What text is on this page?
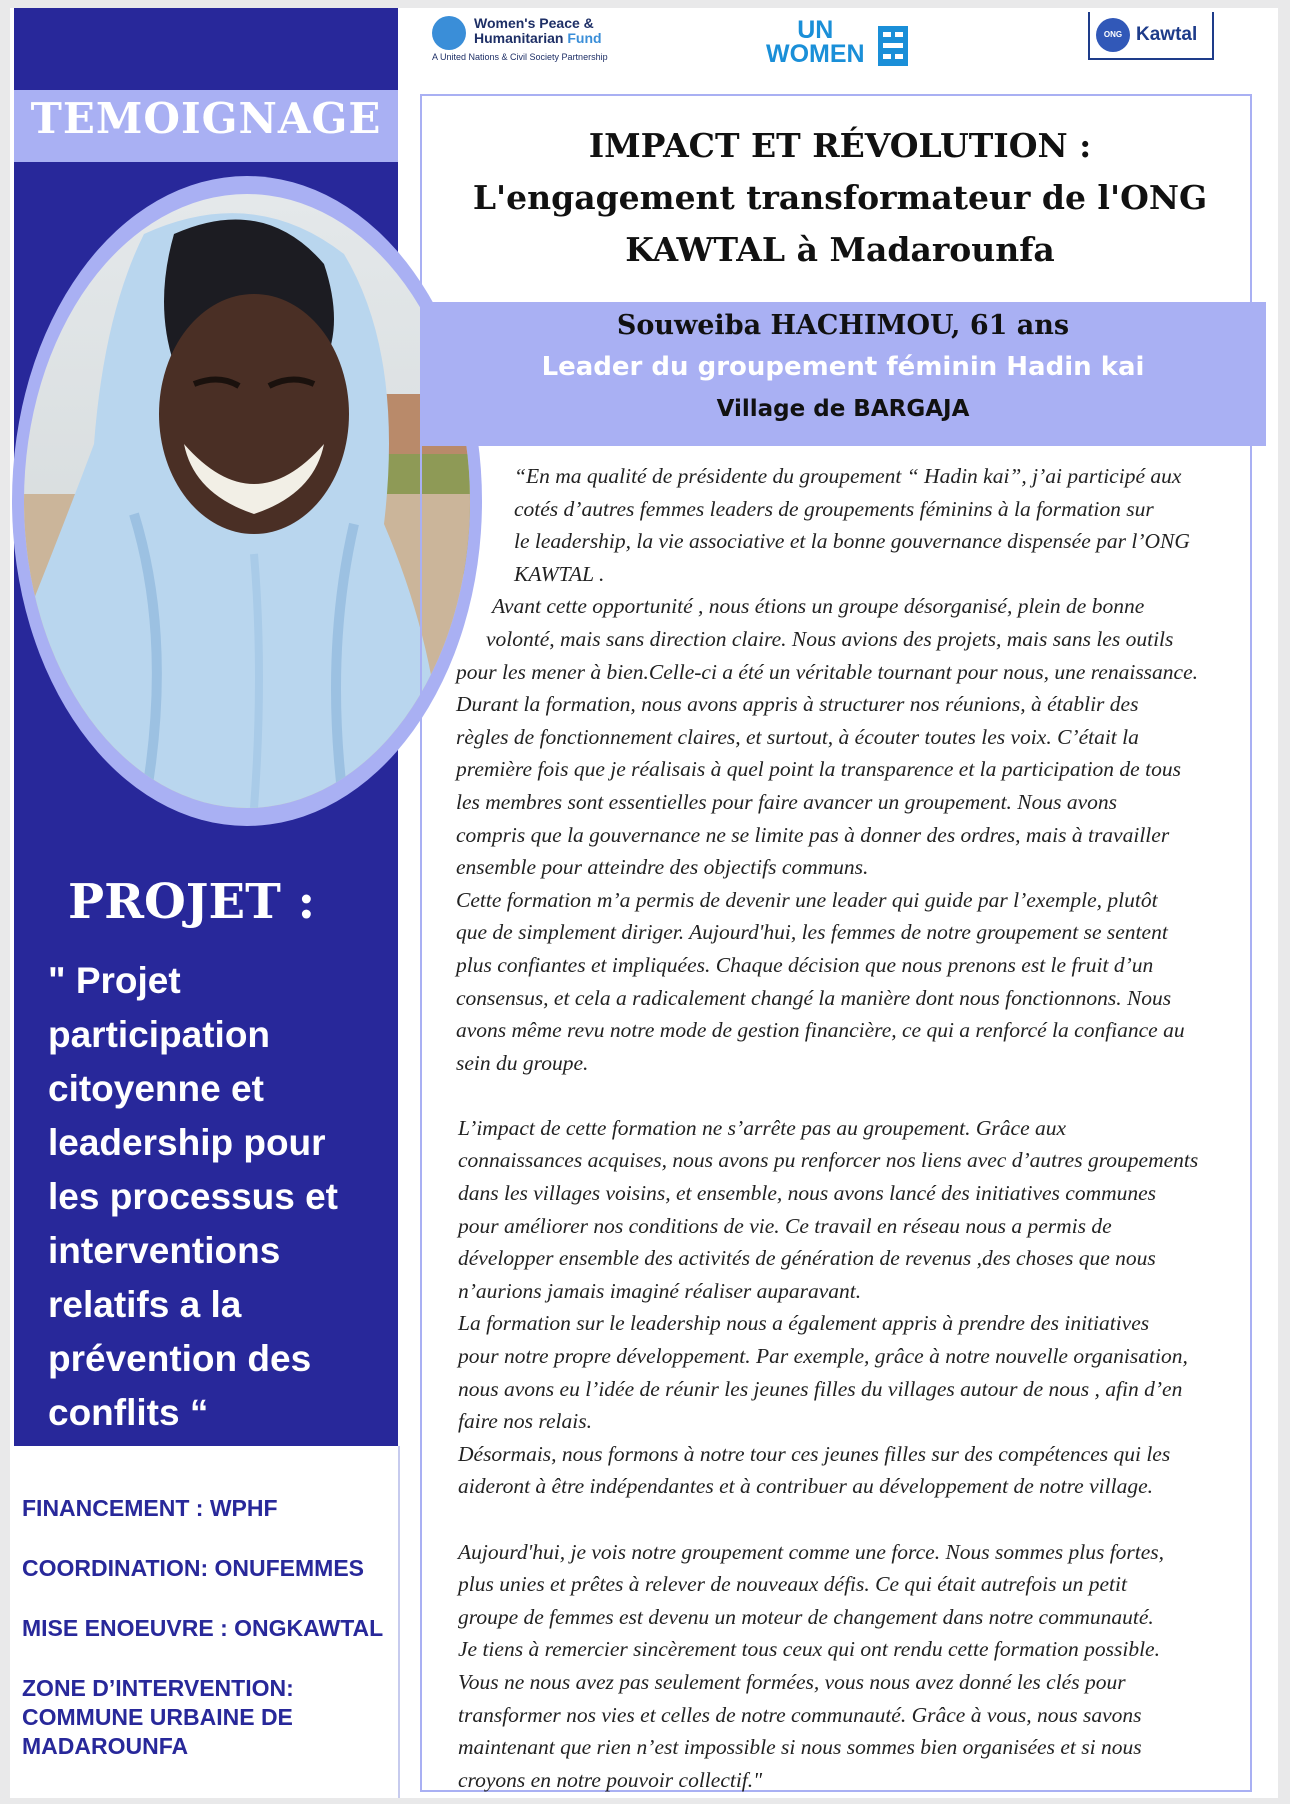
TEMOIGNAGE
PROJET :
" Projet
participation
citoyenne et
leadership pour
les processus et
interventions
relatifs a la
prévention des
conflits “
FINANCEMENT : WPHF
COORDINATION: ONUFEMMES
MISE ENOEUVRE : ONGKAWTAL
ZONE D’INTERVENTION:
COMMUNE URBAINE DE
MADAROUNFA
Women's Peace &
Humanitarian Fund
A United Nations & Civil Society Partnership
UN
WOMEN
ONG Kawtal
IMPACT ET RÉVOLUTION :
L'engagement transformateur de l'ONG
KAWTAL à Madarounfa
Souweiba HACHIMOU, 61 ans
Leader du groupement féminin Hadin kai
Village de BARGAJA

“En ma qualité de présidente du groupement “ Hadin kai”, j’ai participé aux

cotés d’autres femmes leaders de groupements féminins à la formation sur

le leadership, la vie associative et la bonne gouvernance dispensée par l’ONG

KAWTAL .

Avant cette opportunité , nous étions un groupe désorganisé, plein de bonne

volonté, mais sans direction claire. Nous avions des projets, mais sans les outils

pour les mener à bien.Celle-ci a été un véritable tournant pour nous, une renaissance.

Durant la formation, nous avons appris à structurer nos réunions, à établir des

règles de fonctionnement claires, et surtout, à écouter toutes les voix. C’était la

première fois que je réalisais à quel point la transparence et la participation de tous

les membres sont essentielles pour faire avancer un groupement. Nous avons

compris que la gouvernance ne se limite pas à donner des ordres, mais à travailler

ensemble pour atteindre des objectifs communs.

Cette formation m’a permis de devenir une leader qui guide par l’exemple, plutôt

que de simplement diriger. Aujourd'hui, les femmes de notre groupement se sentent

plus confiantes et impliquées. Chaque décision que nous prenons est le fruit d’un

consensus, et cela a radicalement changé la manière dont nous fonctionnons. Nous

avons même revu notre mode de gestion financière, ce qui a renforcé la confiance au

sein du groupe.

L’impact de cette formation ne s’arrête pas au groupement. Grâce aux

connaissances acquises, nous avons pu renforcer nos liens avec d’autres groupements

dans les villages voisins, et ensemble, nous avons lancé des initiatives communes

pour améliorer nos conditions de vie. Ce travail en réseau nous a permis de

développer ensemble des activités de génération de revenus ,des choses que nous

n’aurions jamais imaginé réaliser auparavant.

La formation sur le leadership nous a également appris à prendre des initiatives

pour notre propre développement. Par exemple, grâce à notre nouvelle organisation,

nous avons eu l’idée de réunir les jeunes filles du villages autour de nous , afin d’en

faire nos relais.

Désormais, nous formons à notre tour ces jeunes filles sur des compétences qui les

aideront à être indépendantes et à contribuer au développement de notre village.

Aujourd'hui, je vois notre groupement comme une force. Nous sommes plus fortes,

plus unies et prêtes à relever de nouveaux défis. Ce qui était autrefois un petit

groupe de femmes est devenu un moteur de changement dans notre communauté.

Je tiens à remercier sincèrement tous ceux qui ont rendu cette formation possible.

Vous ne nous avez pas seulement formées, vous nous avez donné les clés pour

transformer nos vies et celles de notre communauté. Grâce à vous, nous savons

maintenant que rien n’est impossible si nous sommes bien organisées et si nous

croyons en notre pouvoir collectif."
